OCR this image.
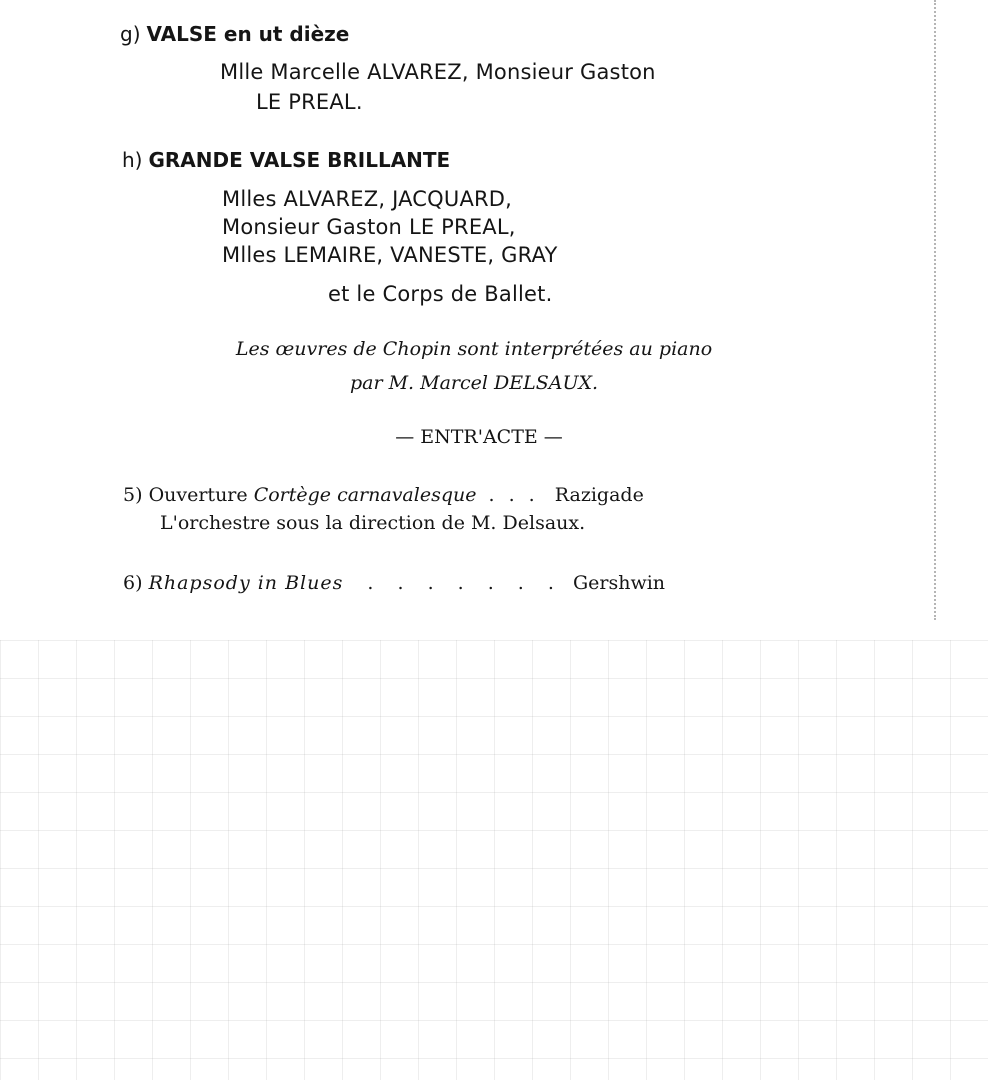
g) VALSE en ut dièze
Mlle Marcelle ALVAREZ, Monsieur Gaston
LE PREAL.
h) GRANDE VALSE BRILLANTE
Mlles ALVAREZ, JACQUARD,
Monsieur Gaston LE PREAL,
Mlles LEMAIRE, VANESTE, GRAY
et le Corps de Ballet.
Les œuvres de Chopin sont interprétées au piano
par M. Marcel DELSAUX.
— ENTR'ACTE —
5) Ouverture Cortège carnavalesque . . . Razigade
L'orchestre sous la direction de M. Delsaux.
6) Rhapsody in Blues . . . . . . . Gershwin
